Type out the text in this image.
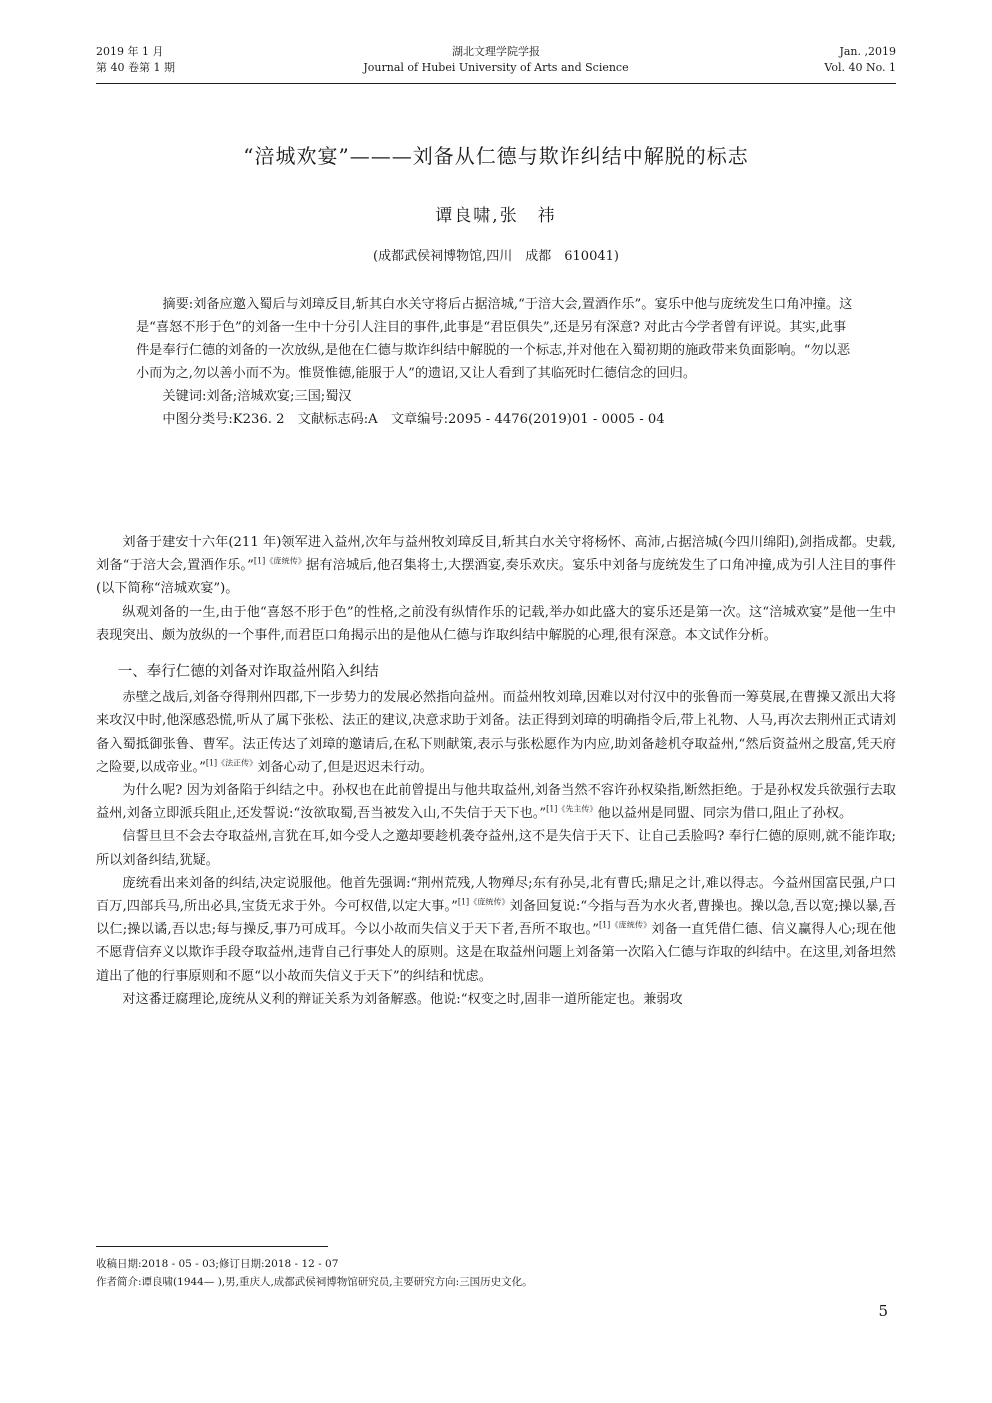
2019 年 1 月
第 40 卷第 1 期
湖北文理学院学报
Journal of Hubei University of Arts and Science
Jan. ,2019
Vol. 40 No. 1
“涪城欢宴”———刘备从仁德与欺诈纠结中解脱的标志
谭良啸,张　祎
(成都武侯祠博物馆,四川　成都　610041)

摘要:刘备应邀入蜀后与刘璋反目,斩其白水关守将后占据涪城,“于涪大会,置酒作乐”。宴乐中他与庞统发生口角冲撞。这是“喜怒不形于色”的刘备一生中十分引人注目的事件,此事是“君臣俱失”,还是另有深意? 对此古今学者曾有评说。其实,此事件是奉行仁德的刘备的一次放纵,是他在仁德与欺诈纠结中解脱的一个标志,并对他在入蜀初期的施政带来负面影响。“勿以恶小而为之,勿以善小而不为。惟贤惟德,能服于人”的遗诏,又让人看到了其临死时仁德信念的回归。

关键词:刘备;涪城欢宴;三国;蜀汉

中图分类号:K236. 2　文献标志码:A　文章编号:2095 - 4476(2019)01 - 0005 - 04

刘备于建安十六年(211 年)领军进入益州,次年与益州牧刘璋反目,斩其白水关守将杨怀、高沛,占据涪城(今四川绵阳),剑指成都。史载,刘备“于涪大会,置酒作乐。”$^{[1]《庞统传》}$据有涪城后,他召集将士,大摆酒宴,奏乐欢庆。宴乐中刘备与庞统发生了口角冲撞,成为引人注目的事件(以下简称“涪城欢宴”)。

纵观刘备的一生,由于他“喜怒不形于色”的性格,之前没有纵情作乐的记载,举办如此盛大的宴乐还是第一次。这“涪城欢宴”是他一生中表现突出、颇为放纵的一个事件,而君臣口角揭示出的是他从仁德与诈取纠结中解脱的心理,很有深意。本文试作分析。

一、奉行仁德的刘备对诈取益州陷入纠结

赤壁之战后,刘备夺得荆州四郡,下一步势力的发展必然指向益州。而益州牧刘璋,因难以对付汉中的张鲁而一筹莫展,在曹操又派出大将来攻汉中时,他深感恐慌,听从了属下张松、法正的建议,决意求助于刘备。法正得到刘璋的明确指令后,带上礼物、人马,再次去荆州正式请刘备入蜀抵御张鲁、曹军。法正传达了刘璋的邀请后,在私下则献策,表示与张松愿作为内应,助刘备趁机夺取益州,“然后资益州之殷富,凭天府之险要,以成帝业。”$^{[1]《法正传》}$刘备心动了,但是迟迟未行动。

为什么呢? 因为刘备陷于纠结之中。孙权也在此前曾提出与他共取益州,刘备当然不容许孙权染指,断然拒绝。于是孙权发兵欲强行去取益州,刘备立即派兵阻止,还发誓说:“汝欲取蜀,吾当被发入山,不失信于天下也。”$^{[1]《先主传》}$他以益州是同盟、同宗为借口,阻止了孙权。

信誓旦旦不会去夺取益州,言犹在耳,如今受人之邀却要趁机袭夺益州,这不是失信于天下、让自己丢脸吗? 奉行仁德的原则,就不能诈取;所以刘备纠结,犹疑。

庞统看出来刘备的纠结,决定说服他。他首先强调:“荆州荒残,人物殚尽;东有孙吴,北有曹氏;鼎足之计,难以得志。今益州国富民强,户口百万,四部兵马,所出必具,宝货无求于外。今可权借,以定大事。”$^{[1]《庞统传》}$刘备回复说:“今指与吾为水火者,曹操也。操以急,吾以宽;操以暴,吾以仁;操以谲,吾以忠;每与操反,事乃可成耳。今以小故而失信义于天下者,吾所不取也。”$^{[1]《庞统传》}$刘备一直凭借仁德、信义赢得人心;现在他不愿背信弃义以欺诈手段夺取益州,违背自己行事处人的原则。这是在取益州问题上刘备第一次陷入仁德与诈取的纠结中。在这里,刘备坦然道出了他的行事原则和不愿“以小故而失信义于天下”的纠结和忧虑。

对这番迂腐理论,庞统从义利的辩证关系为刘备解惑。他说:“权变之时,固非一道所能定也。兼弱攻

收稿日期:2018 - 05 - 03;修订日期:2018 - 12 - 07
作者简介:谭良啸(1944— ),男,重庆人,成都武侯祠博物馆研究员,主要研究方向:三国历史文化。
5
